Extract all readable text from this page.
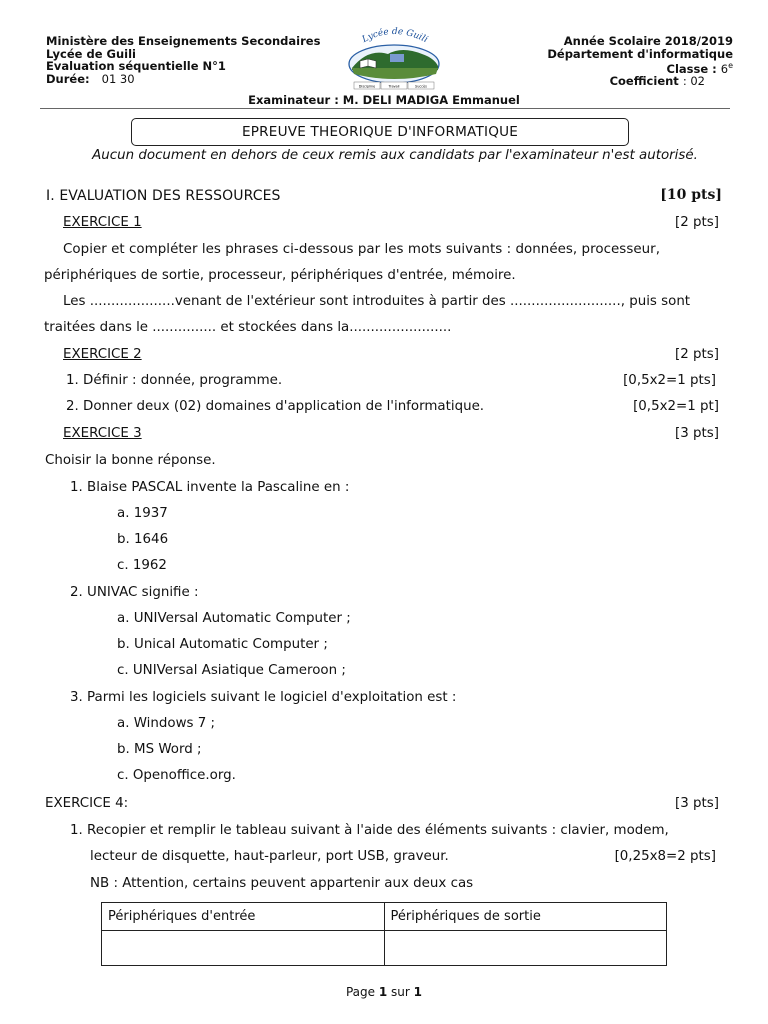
Ministère des Enseignements Secondaires
Lycée de Guili
Evaluation séquentielle N°1
Durée: 01 30
Année Scolaire 2018/2019
Département d'informatique
Classe : 6e
Coefficient : 02
Lycée de Guili
Discipline	Travail	Succès
Examinateur : M. DELI MADIGA Emmanuel
EPREUVE THEORIQUE D'INFORMATIQUE
Aucun document en dehors de ceux remis aux candidats par l'examinateur n'est autorisé.
I. EVALUATION DES RESSOURCES	[10 pts]
EXERCICE 1	[2 pts]
Copier et compléter les phrases ci-dessous par les mots suivants : données, processeur,
périphériques de sortie, processeur, périphériques d'entrée, mémoire.
Les ....................venant de l'extérieur sont introduites à partir des .........................., puis sont
traitées dans le ............... et stockées dans la........................
EXERCICE 2	[2 pts]
1. Définir : donnée, programme.	[0,5x2=1 pts]
2. Donner deux (02) domaines d'application de l'informatique.	[0,5x2=1 pt]
EXERCICE 3	[3 pts]
Choisir la bonne réponse.
1. Blaise PASCAL invente la Pascaline en :
a. 1937
b. 1646
c. 1962
2. UNIVAC signifie :
a. UNIVersal Automatic Computer ;
b. Unical Automatic Computer ;
c. UNIVersal Asiatique Cameroon ;
3. Parmi les logiciels suivant le logiciel d'exploitation est :
a. Windows 7 ;
b. MS Word ;
c. Openoffice.org.
EXERCICE 4:	[3 pts]
1. Recopier et remplir le tableau suivant à l'aide des éléments suivants : clavier, modem,
lecteur de disquette, haut-parleur, port USB, graveur.	[0,25x8=2 pts]
NB : Attention, certains peuvent appartenir aux deux cas
Périphériques d'entrée	Périphériques de sortie

Page 1 sur 1
